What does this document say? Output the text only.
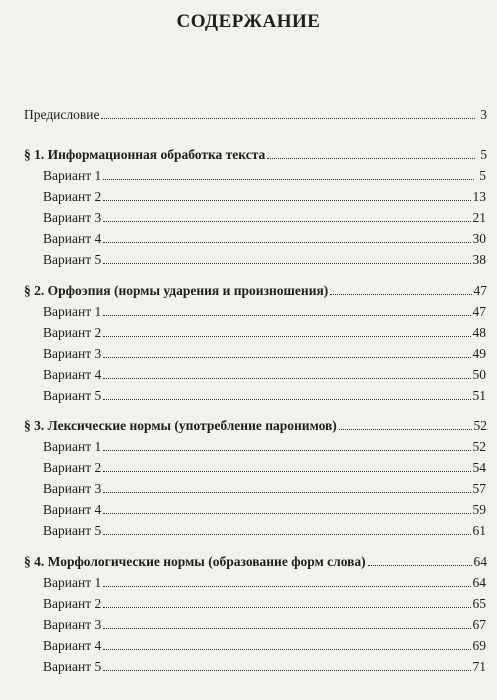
СОДЕРЖАНИЕ
Предисловие	3
§ 1. Информационная обработка текста	5
Вариант 1	5
Вариант 2	13
Вариант 3	21
Вариант 4	30
Вариант 5	38
§ 2. Орфоэпия (нормы ударения и произношения)	47
Вариант 1	47
Вариант 2	48
Вариант 3	49
Вариант 4	50
Вариант 5	51
§ 3. Лексические нормы (употребление паронимов)	52
Вариант 1	52
Вариант 2	54
Вариант 3	57
Вариант 4	59
Вариант 5	61
§ 4. Морфологические нормы (образование форм слова)	64
Вариант 1	64
Вариант 2	65
Вариант 3	67
Вариант 4	69
Вариант 5	71
